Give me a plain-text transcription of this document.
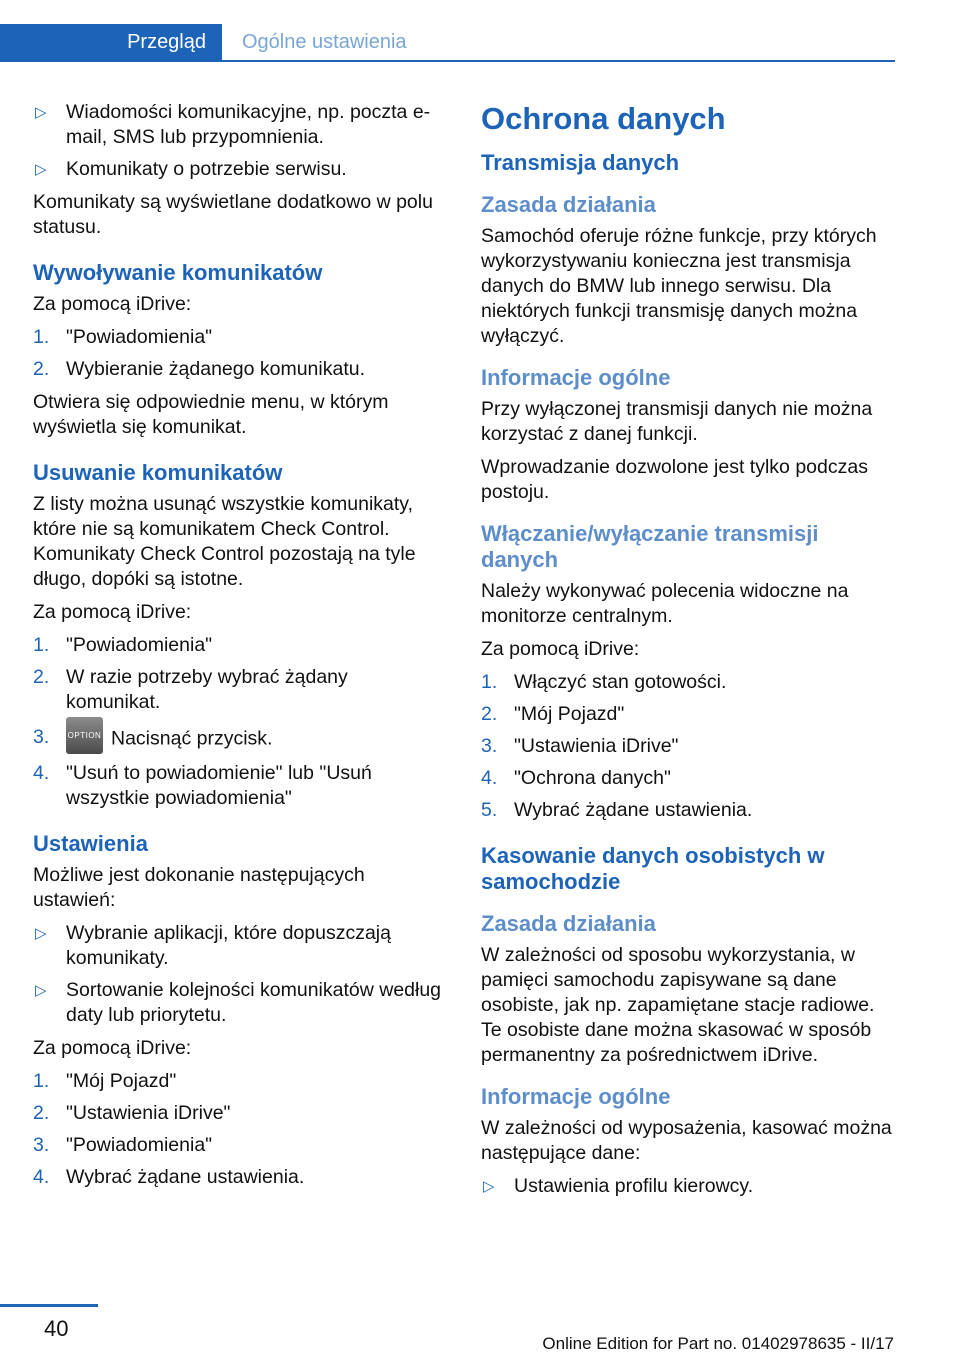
Przegląd	Ogólne ustawienia
▷ Wiadomości komunikacyjne, np. poczta e-mail, SMS lub przypomnienia.
▷ Komunikaty o potrzebie serwisu.

Komunikaty są wyświetlane dodatkowo w polu statusu.

Wywoływanie komunikatów

Za pomocą iDrive:

1. "Powiadomienia"
2. Wybieranie żądanego komunikatu.

Otwiera się odpowiednie menu, w którym wyświetla się komunikat.

Usuwanie komunikatów

Z listy można usunąć wszystkie komunikaty, które nie są komunikatem Check Control. Komunikaty Check Control pozostają na tyle długo, dopóki są istotne.

Za pomocą iDrive:

1. "Powiadomienia"
2. W razie potrzeby wybrać żądany komunikat.
3. OPTION Nacisnąć przycisk.
4. "Usuń to powiadomienie" lub "Usuń wszystkie powiadomienia"
Ustawienia

Możliwe jest dokonanie następujących ustawień:

▷ Wybranie aplikacji, które dopuszczają komunikaty.
▷ Sortowanie kolejności komunikatów według daty lub priorytetu.

Za pomocą iDrive:

1. "Mój Pojazd"
2. "Ustawienia iDrive"
3. "Powiadomienia"
4. Wybrać żądane ustawienia.
Ochrona danych
Transmisja danych
Zasada działania

Samochód oferuje różne funkcje, przy których wykorzystywaniu konieczna jest transmisja danych do BMW lub innego serwisu. Dla niektórych funkcji transmisję danych można wyłączyć.

Informacje ogólne

Przy wyłączonej transmisji danych nie można korzystać z danej funkcji.

Wprowadzanie dozwolone jest tylko podczas postoju.

Włączanie/wyłączanie transmisji danych

Należy wykonywać polecenia widoczne na monitorze centralnym.

Za pomocą iDrive:

1. Włączyć stan gotowości.
2. "Mój Pojazd"
3. "Ustawienia iDrive"
4. "Ochrona danych"
5. Wybrać żądane ustawienia.
Kasowanie danych osobistych w samochodzie
Zasada działania

W zależności od sposobu wykorzystania, w pamięci samochodu zapisywane są dane osobiste, jak np. zapamiętane stacje radiowe. Te osobiste dane można skasować w sposób permanentny za pośrednictwem iDrive.

Informacje ogólne

W zależności od wyposażenia, kasować można następujące dane:

▷ Ustawienia profilu kierowcy.
40
Online Edition for Part no. 01402978635 - II/17
